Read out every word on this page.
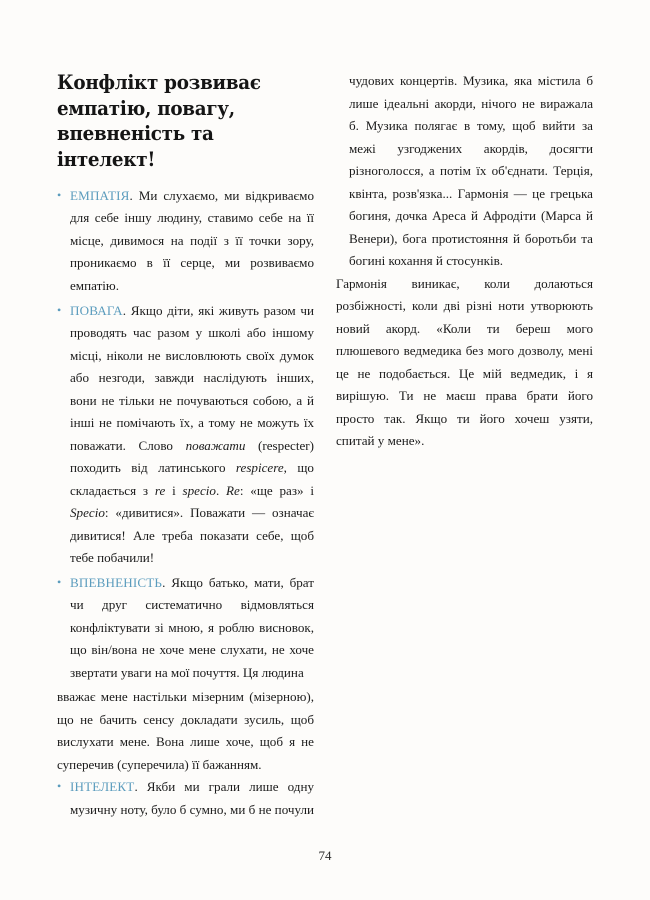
Конфлікт розвиває емпатію, повагу, впевненість та інтелект!
• ЕМПАТІЯ. Ми слухаємо, ми відкриваємо для себе іншу людину, ставимо себе на її місце, дивимося на події з її точки зору, проникаємо в її серце, ми розвиваємо емпатію.
• ПОВАГА. Якщо діти, які живуть разом чи проводять час разом у школі або іншому місці, ніколи не висловлюють своїх думок або незгоди, завжди наслідують інших, вони не тільки не почуваються собою, а й інші не помічають їх, а тому не можуть їх поважати. Слово поважати (respecter) походить від латинського respicere, що складається з re і specio. Re: «ще раз» і Specio: «дивитися». Поважати — означає дивитися! Але треба показати себе, щоб тебе побачили!
• ВПЕВНЕНІСТЬ. Якщо батько, мати, брат чи друг систематично відмовляться конфліктувати зі мною, я роблю висновок, що він/вона не хоче мене слухати, не хоче звертати уваги на мої почуття. Ця людина

вважає мене настільки мізерним (мізерною), що не бачить сенсу докладати зусиль, щоб вислухати мене. Вона лише хоче, щоб я не суперечив (суперечила) її бажанням.

• ІНТЕЛЕКТ. Якби ми грали лише одну музичну ноту, було б сумно, ми б не почули чудових концертів. Музика, яка містила б лише ідеальні акорди, нічого не виражала б. Музика полягає в тому, щоб вийти за межі узгоджених акордів, досягти різноголосся, а потім їх об'єднати. Терція, квінта, розв'язка... Гармонія — це грецька богиня, дочка Ареса й Афродіти (Марса й Венери), бога протистояння й боротьби та богині кохання й стосунків.

Гармонія виникає, коли долаються розбіжності, коли дві різні ноти утворюють новий акорд. «Коли ти береш мого плюшевого ведмедика без мого дозволу, мені це не подобається. Це мій ведмедик, і я вирішую. Ти не маєш права брати його просто так. Якщо ти його хочеш узяти, спитай у мене».

74
